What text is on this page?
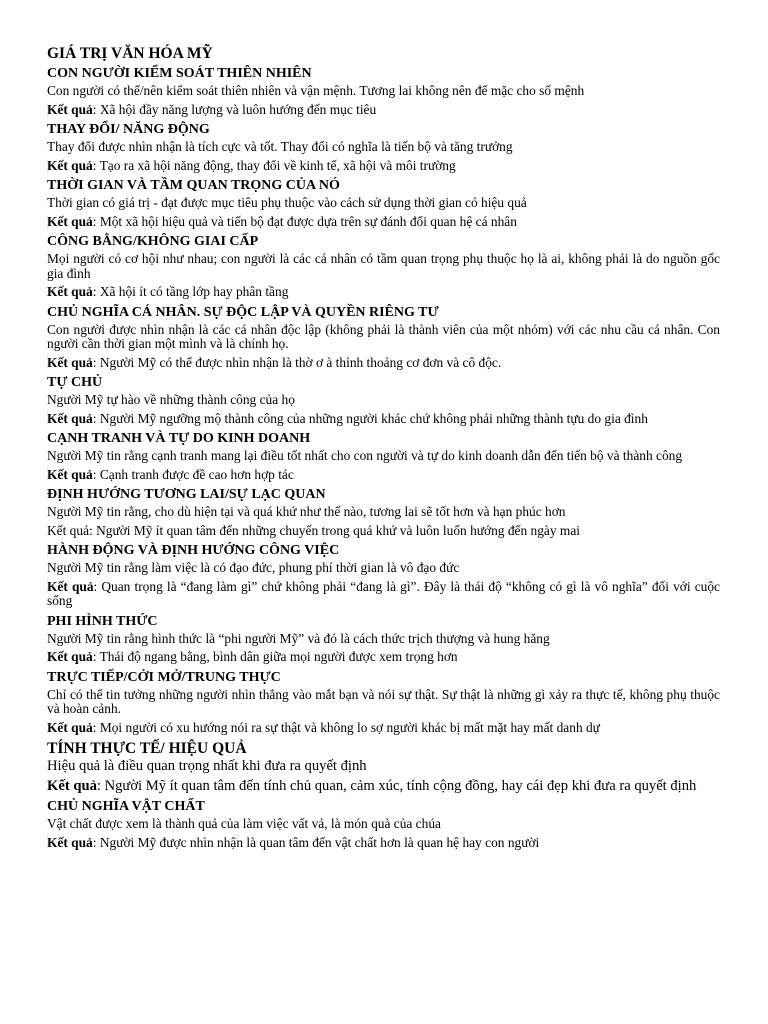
GIÁ TRỊ VĂN HÓA MỸ
CON NGƯỜI KIỂM SOÁT THIÊN NHIÊN
Con người có thể/nên kiểm soát thiên nhiên và vận mệnh. Tương lai không nên để mặc cho số mệnh
Kết quả: Xã hội đầy năng lượng và luôn hướng đến mục tiêu
THAY ĐỔI/ NĂNG ĐỘNG
Thay đổi được nhìn nhận là tích cực và tốt. Thay đổi có nghĩa là tiến bộ và tăng trưởng
Kết quả: Tạo ra xã hội năng động, thay đổi về kinh tế, xã hội và môi trường
THỜI GIAN VÀ TẦM QUAN TRỌNG CỦA NÓ
Thời gian có giá trị - đạt được mục tiêu phụ thuộc vào cách sử dụng thời gian có hiệu quả
Kết quả: Một xã hội hiệu quả và tiến bộ đạt được dựa trên sự đánh đổi quan hệ cá nhân
CÔNG BẰNG/KHÔNG GIAI CẤP
Mọi người có cơ hội như nhau; con người là các cá nhân có tầm quan trọng phụ thuộc họ là ai, không phải là do nguồn gốc gia đình
Kết quả: Xã hội ít có tầng lớp hay phân tầng
CHỦ NGHĨA CÁ NHÂN. SỰ ĐỘC LẬP VÀ QUYỀN RIÊNG TƯ
Con người được nhìn nhận là các cá nhân độc lập (không phải là thành viên của một nhóm) với các nhu cầu cá nhân. Con người cần thời gian một mình và là chính họ.
Kết quả: Người Mỹ có thể được nhìn nhận là thờ ơ à thỉnh thoảng cơ đơn và cô độc.
TỰ CHỦ
Người Mỹ tự hào về những thành công của họ
Kết quả: Người Mỹ ngưỡng mộ thành công của những người khác chứ không phải những thành tựu do gia đình
CẠNH TRANH VÀ TỰ DO KINH DOANH
Người Mỹ tin rằng cạnh tranh mang lại điều tốt nhất cho con người và tự do kinh doanh dẫn đến tiến bộ và thành công
Kết quả: Cạnh tranh được đề cao hơn hợp tác
ĐỊNH HƯỚNG TƯƠNG LAI/SỰ LẠC QUAN
Người Mỹ tin rằng, cho dù hiện tại và quá khứ như thế nào, tương lai sẽ tốt hơn và hạn phúc hơn
Kết quả: Người Mỹ ít quan tâm đến những chuyến trong quá khứ và luôn luốn hướng đến ngày mai
HÀNH ĐỘNG VÀ ĐỊNH HƯỚNG CÔNG VIỆC
Người Mỹ tin rằng làm việc là có đạo đức, phung phí thời gian là vô đạo đức
Kết quả: Quan trọng là “đang làm gì” chứ không phải “đang là gì”. Đây là thái độ “không có gì là vô nghĩa” đối với cuộc sống
PHI HÌNH THỨC
Người Mỹ tin rằng hình thức là “phi người Mỹ” và đó là cách thức trịch thượng và hung hăng
Kết quả: Thái độ ngang bằng, bình dân giữa mọi người được xem trọng hơn
TRỰC TIẾP/CỞI MỞ/TRUNG THỰC
Chỉ có thể tin tưởng những người nhìn thẳng vào mắt bạn và nói sự thật. Sự thật là những gì xảy ra thực tế, không phụ thuộc và hoàn cảnh.
Kết quả: Mọi người có xu hướng nói ra sự thật và không lo sợ người khác bị mất mặt hay mất danh dự
TÍNH THỰC TẾ/ HIỆU QUẢ
Hiệu quả là điều quan trọng nhất khi đưa ra quyết định
Kết quả: Người Mỹ ít quan tâm đến tính chủ quan, cảm xúc, tính cộng đồng, hay cái đẹp khi đưa ra quyết định
CHỦ NGHĨA VẬT CHẤT
Vật chất được xem là thành quả của làm việc vất vả, là món quà của chúa
Kết quả: Người Mỹ được nhìn nhận là quan tâm đến vật chất hơn là quan hệ hay con người
